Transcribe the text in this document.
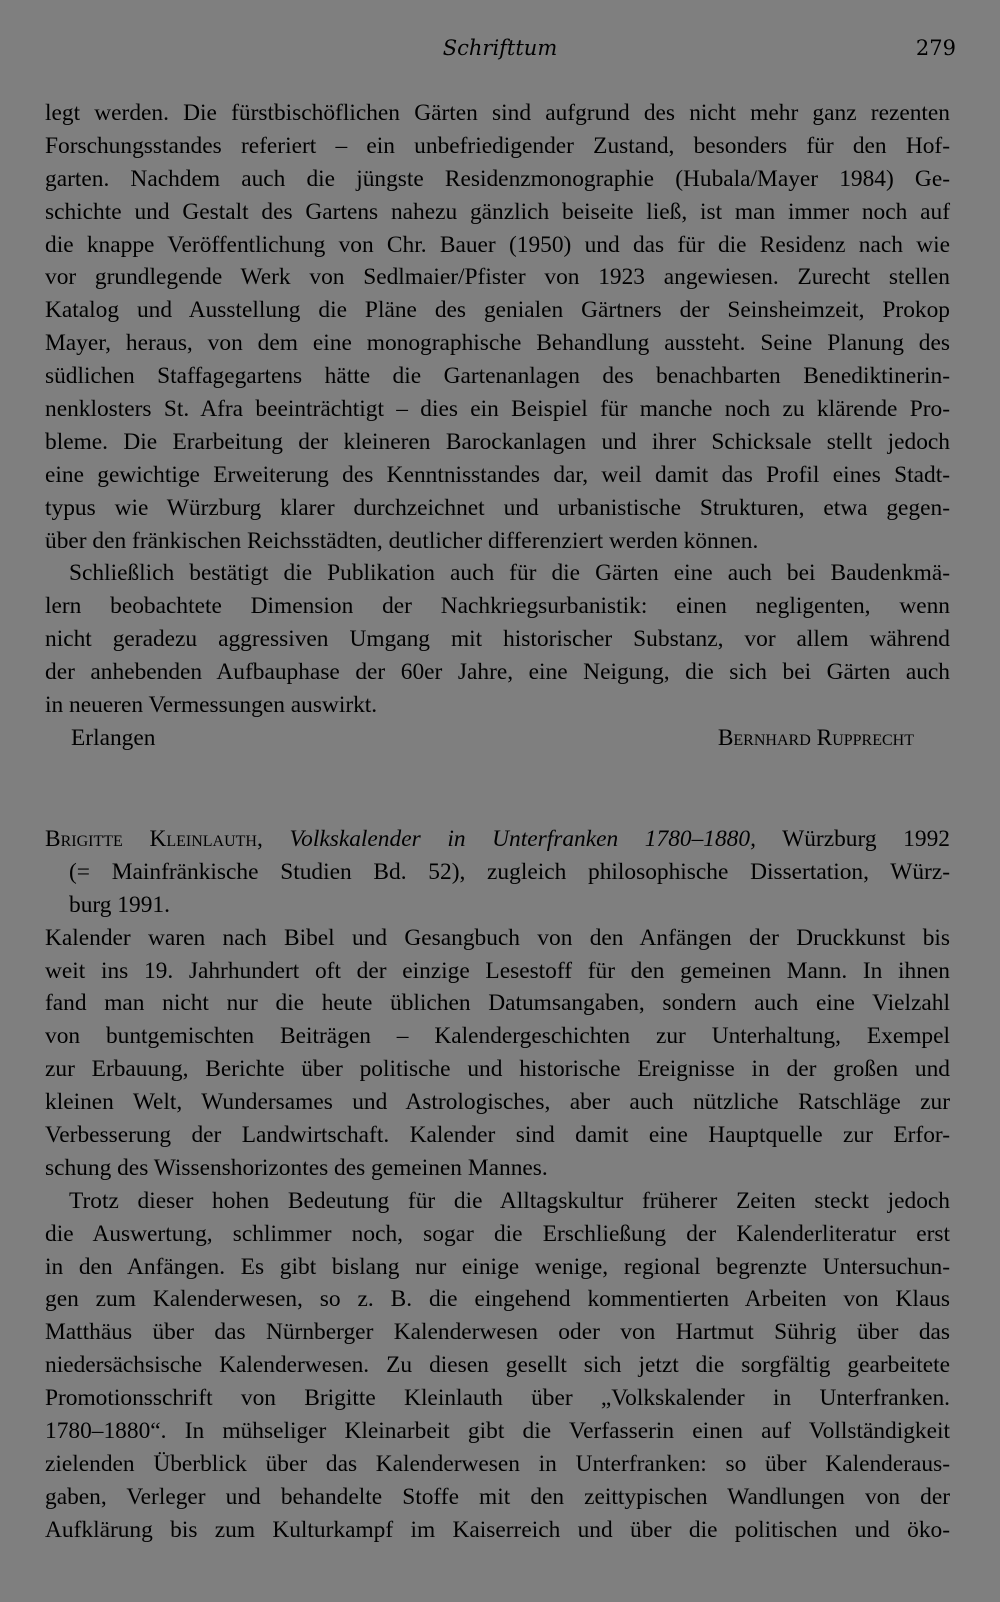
Schrifttum	279
legt werden. Die fürstbischöflichen Gärten sind aufgrund des nicht mehr ganz rezenten
Forschungsstandes referiert – ein unbefriedigender Zustand, besonders für den Hof-
garten. Nachdem auch die jüngste Residenzmonographie (Hubala/Mayer 1984) Ge-
schichte und Gestalt des Gartens nahezu gänzlich beiseite ließ, ist man immer noch auf
die knappe Veröffentlichung von Chr. Bauer (1950) und das für die Residenz nach wie
vor grundlegende Werk von Sedlmaier/Pfister von 1923 angewiesen. Zurecht stellen
Katalog und Ausstellung die Pläne des genialen Gärtners der Seinsheimzeit, Prokop
Mayer, heraus, von dem eine monographische Behandlung aussteht. Seine Planung des
südlichen Staffagegartens hätte die Gartenanlagen des benachbarten Benediktinerin-
nenklosters St. Afra beeinträchtigt – dies ein Beispiel für manche noch zu klärende Pro-
bleme. Die Erarbeitung der kleineren Barockanlagen und ihrer Schicksale stellt jedoch
eine gewichtige Erweiterung des Kenntnisstandes dar, weil damit das Profil eines Stadt-
typus wie Würzburg klarer durchzeichnet und urbanistische Strukturen, etwa gegen-
über den fränkischen Reichsstädten, deutlicher differenziert werden können.
Schließlich bestätigt die Publikation auch für die Gärten eine auch bei Baudenkmä-
lern beobachtete Dimension der Nachkriegsurbanistik: einen negligenten, wenn
nicht geradezu aggressiven Umgang mit historischer Substanz, vor allem während
der anhebenden Aufbauphase der 60er Jahre, eine Neigung, die sich bei Gärten auch
in neueren Vermessungen auswirkt.
Erlangen	Bernhard Rupprecht
Brigitte Kleinlauth, Volkskalender in Unterfranken 1780–1880, Würzburg 1992
(= Mainfränkische Studien Bd. 52), zugleich philosophische Dissertation, Würz-
burg 1991.
Kalender waren nach Bibel und Gesangbuch von den Anfängen der Druckkunst bis
weit ins 19. Jahrhundert oft der einzige Lesestoff für den gemeinen Mann. In ihnen
fand man nicht nur die heute üblichen Datumsangaben, sondern auch eine Vielzahl
von buntgemischten Beiträgen – Kalendergeschichten zur Unterhaltung, Exempel
zur Erbauung, Berichte über politische und historische Ereignisse in der großen und
kleinen Welt, Wundersames und Astrologisches, aber auch nützliche Ratschläge zur
Verbesserung der Landwirtschaft. Kalender sind damit eine Hauptquelle zur Erfor-
schung des Wissenshorizontes des gemeinen Mannes.
Trotz dieser hohen Bedeutung für die Alltagskultur früherer Zeiten steckt jedoch
die Auswertung, schlimmer noch, sogar die Erschließung der Kalenderliteratur erst
in den Anfängen. Es gibt bislang nur einige wenige, regional begrenzte Untersuchun-
gen zum Kalenderwesen, so z. B. die eingehend kommentierten Arbeiten von Klaus
Matthäus über das Nürnberger Kalenderwesen oder von Hartmut Sührig über das
niedersächsische Kalenderwesen. Zu diesen gesellt sich jetzt die sorgfältig gearbeitete
Promotionsschrift von Brigitte Kleinlauth über „Volkskalender in Unterfranken.
1780–1880“. In mühseliger Kleinarbeit gibt die Verfasserin einen auf Vollständigkeit
zielenden Überblick über das Kalenderwesen in Unterfranken: so über Kalenderaus-
gaben, Verleger und behandelte Stoffe mit den zeittypischen Wandlungen von der
Aufklärung bis zum Kulturkampf im Kaiserreich und über die politischen und öko-
